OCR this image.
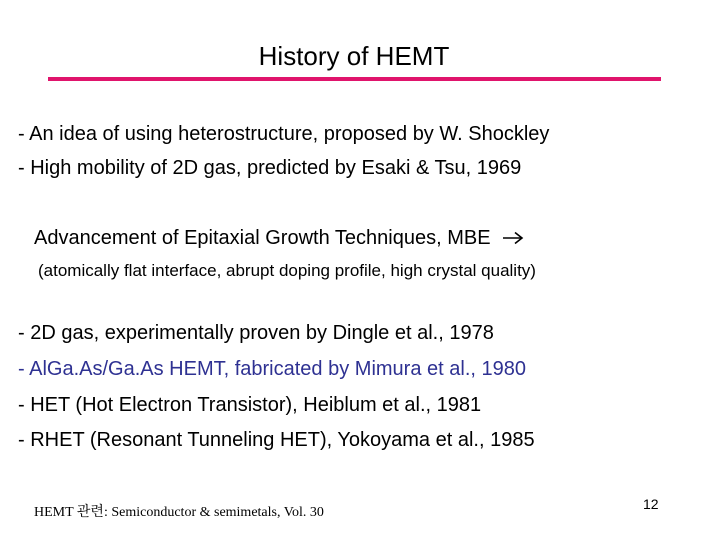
History of HEMT
- An idea of using heterostructure, proposed by W. Shockley
- High mobility of 2D gas, predicted by Esaki & Tsu, 1969
Advancement of Epitaxial Growth Techniques, MBE
(atomically flat interface, abrupt doping profile, high crystal quality)
- 2D gas, experimentally proven by Dingle et al., 1978
- AlGa.As/Ga.As HEMT, fabricated by Mimura et al., 1980
- HET (Hot Electron Transistor), Heiblum et al., 1981
- RHET (Resonant Tunneling HET), Yokoyama et al., 1985
HEMT 관련: Semiconductor & semimetals, Vol. 30
12
